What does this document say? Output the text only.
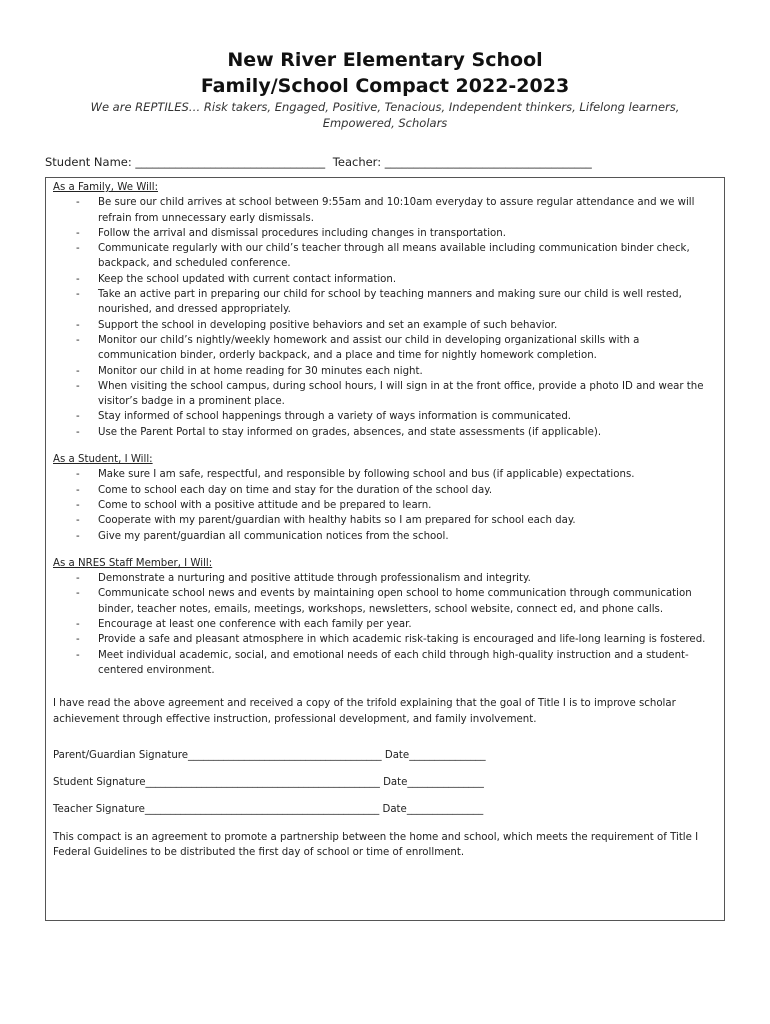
New River Elementary School
Family/School Compact 2022-2023
We are REPTILES… Risk takers, Engaged, Positive, Tenacious, Independent thinkers, Lifelong learners, Empowered, Scholars
Student Name: _________________________________ Teacher: ____________________________________
As a Family, We Will:
- Be sure our child arrives at school between 9:55am and 10:10am everyday to assure regular attendance and we will refrain from unnecessary early dismissals.
- Follow the arrival and dismissal procedures including changes in transportation.
- Communicate regularly with our child’s teacher through all means available including communication binder check, backpack, and scheduled conference.
- Keep the school updated with current contact information.
- Take an active part in preparing our child for school by teaching manners and making sure our child is well rested, nourished, and dressed appropriately.
- Support the school in developing positive behaviors and set an example of such behavior.
- Monitor our child’s nightly/weekly homework and assist our child in developing organizational skills with a communication binder, orderly backpack, and a place and time for nightly homework completion.
- Monitor our child in at home reading for 30 minutes each night.
- When visiting the school campus, during school hours, I will sign in at the front office, provide a photo ID and wear the visitor’s badge in a prominent place.
- Stay informed of school happenings through a variety of ways information is communicated.
- Use the Parent Portal to stay informed on grades, absences, and state assessments (if applicable).
As a Student, I Will:
- Make sure I am safe, respectful, and responsible by following school and bus (if applicable) expectations.
- Come to school each day on time and stay for the duration of the school day.
- Come to school with a positive attitude and be prepared to learn.
- Cooperate with my parent/guardian with healthy habits so I am prepared for school each day.
- Give my parent/guardian all communication notices from the school.
As a NRES Staff Member, I Will:
- Demonstrate a nurturing and positive attitude through professionalism and integrity.
- Communicate school news and events by maintaining open school to home communication through communication binder, teacher notes, emails, meetings, workshops, newsletters, school website, connect ed, and phone calls.
- Encourage at least one conference with each family per year.
- Provide a safe and pleasant atmosphere in which academic risk-taking is encouraged and life-long learning is fostered.
- Meet individual academic, social, and emotional needs of each child through high-quality instruction and a student-centered environment.

I have read the above agreement and received a copy of the trifold explaining that the goal of Title I is to improve scholar achievement through effective instruction, professional development, and family involvement.

Parent/Guardian Signature______________________________________ Date_______________
Student Signature______________________________________________ Date_______________
Teacher Signature______________________________________________ Date_______________

This compact is an agreement to promote a partnership between the home and school, which meets the requirement of Title I Federal Guidelines to be distributed the first day of school or time of enrollment.
